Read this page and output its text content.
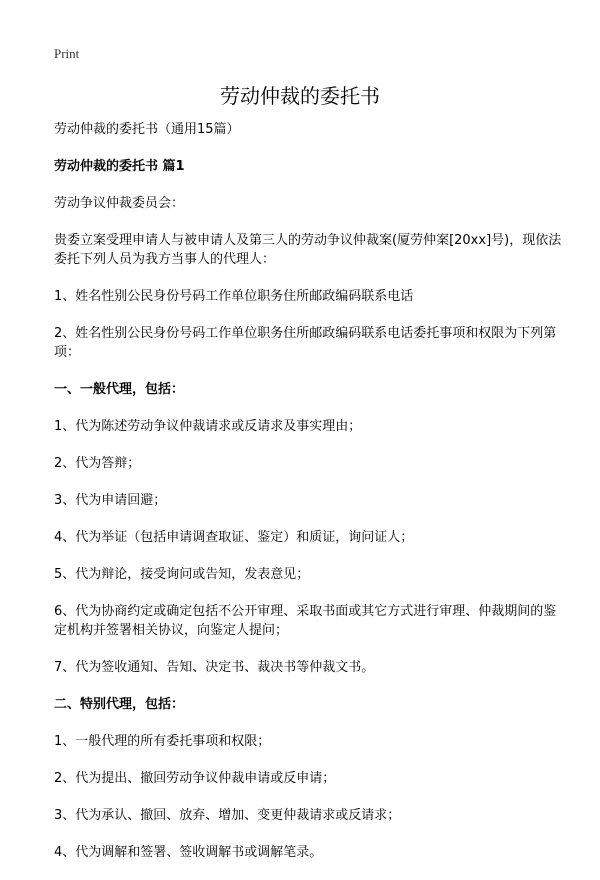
Print
劳动仲裁的委托书

劳动仲裁的委托书（通用15篇）

劳动仲裁的委托书 篇1

劳动争议仲裁委员会：

贵委立案受理申请人与被申请人及第三人的劳动争议仲裁案(厦劳仲案[20xx]号)，现依法委托下列人员为我方当事人的代理人：

1、姓名性别公民身份号码工作单位职务住所邮政编码联系电话

2、姓名性别公民身份号码工作单位职务住所邮政编码联系电话委托事项和权限为下列第项：

一、一般代理，包括：

1、代为陈述劳动争议仲裁请求或反请求及事实理由；

2、代为答辩；

3、代为申请回避；

4、代为举证（包括申请调查取证、鉴定）和质证，询问证人；

5、代为辩论，接受询问或告知，发表意见；

6、代为协商约定或确定包括不公开审理、采取书面或其它方式进行审理、仲裁期间的鉴定机构并签署相关协议，向鉴定人提问；

7、代为签收通知、告知、决定书、裁决书等仲裁文书。

二、特别代理，包括：

1、一般代理的所有委托事项和权限；

2、代为提出、撤回劳动争议仲裁申请或反申请；

3、代为承认、撤回、放弃、增加、变更仲裁请求或反请求；

4、代为调解和签署、签收调解书或调解笔录。
